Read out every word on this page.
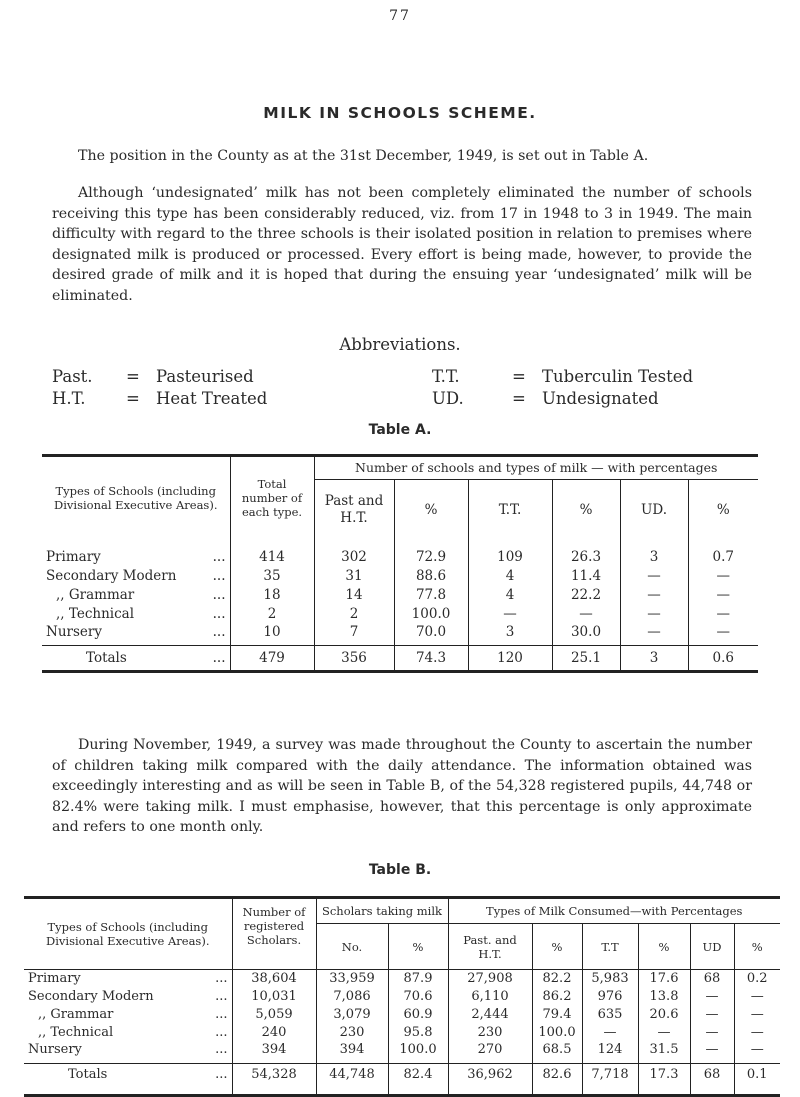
77
MILK IN SCHOOLS SCHEME.
The position in the County as at the 31st December, 1949, is set out in Table A.
Although ‘undesignated’ milk has not been completely eliminated the number of schools receiving this type has been considerably reduced, viz. from 17 in 1948 to 3 in 1949. The main difficulty with regard to the three schools is their isolated position in relation to premises where designated milk is produced or processed. Every effort is being made, however, to provide the desired grade of milk and it is hoped that during the ensuing year ‘undesignated’ milk will be eliminated.
Abbreviations.
Past. = Pasteurised	T.T.	= Tuberculin Tested
H.T. = Heat Treated	UD.	= Undesignated
Table A.
Types of Schools (including Divisional Executive Areas).	Total number of each type.	Number of schools and types of milk — with percentages					
		Past and H.T.	%	T.T.	%	UD.	%

Primary ...	414	302	72.9	109	26.3	3	0.7
Secondary Modern ...	35	31	88.6	4	11.4	—	—
,, Grammar ...	18	14	77.8	4	22.2	—	—
,, Technical ...	2	2	100.0	—	—	—	—
Nursery ...	10	7	70.0	3	30.0	—	—
Totals ...	479	356	74.3	120	25.1	3	0.6
During November, 1949, a survey was made throughout the County to ascertain the number of children taking milk compared with the daily attendance. The information obtained was exceedingly interesting and as will be seen in Table B, of the 54,328 registered pupils, 44,748 or 82.4% were taking milk. I must emphasise, however, that this percentage is only approximate and refers to one month only.
Table B.
Types of Schools (including Divisional Executive Areas).	Number of registered Scholars.	Scholars taking milk		Types of Milk Consumed—with Percentages					
		No.	%	Past. and H.T.	%	T.T	%	UD	%
Primary ...	38,604	33,959	87.9	27,908	82.2	5,983	17.6	68	0.2
Secondary Modern ...	10,031	7,086	70.6	6,110	86.2	976	13.8	—	—
,, Grammar ...	5,059	3,079	60.9	2,444	79.4	635	20.6	—	—
,, Technical ...	240	230	95.8	230	100.0	—	—	—	—
Nursery ...	394	394	100.0	270	68.5	124	31.5	—	—
Totals ...	54,328	44,748	82.4	36,962	82.6	7,718	17.3	68	0.1
